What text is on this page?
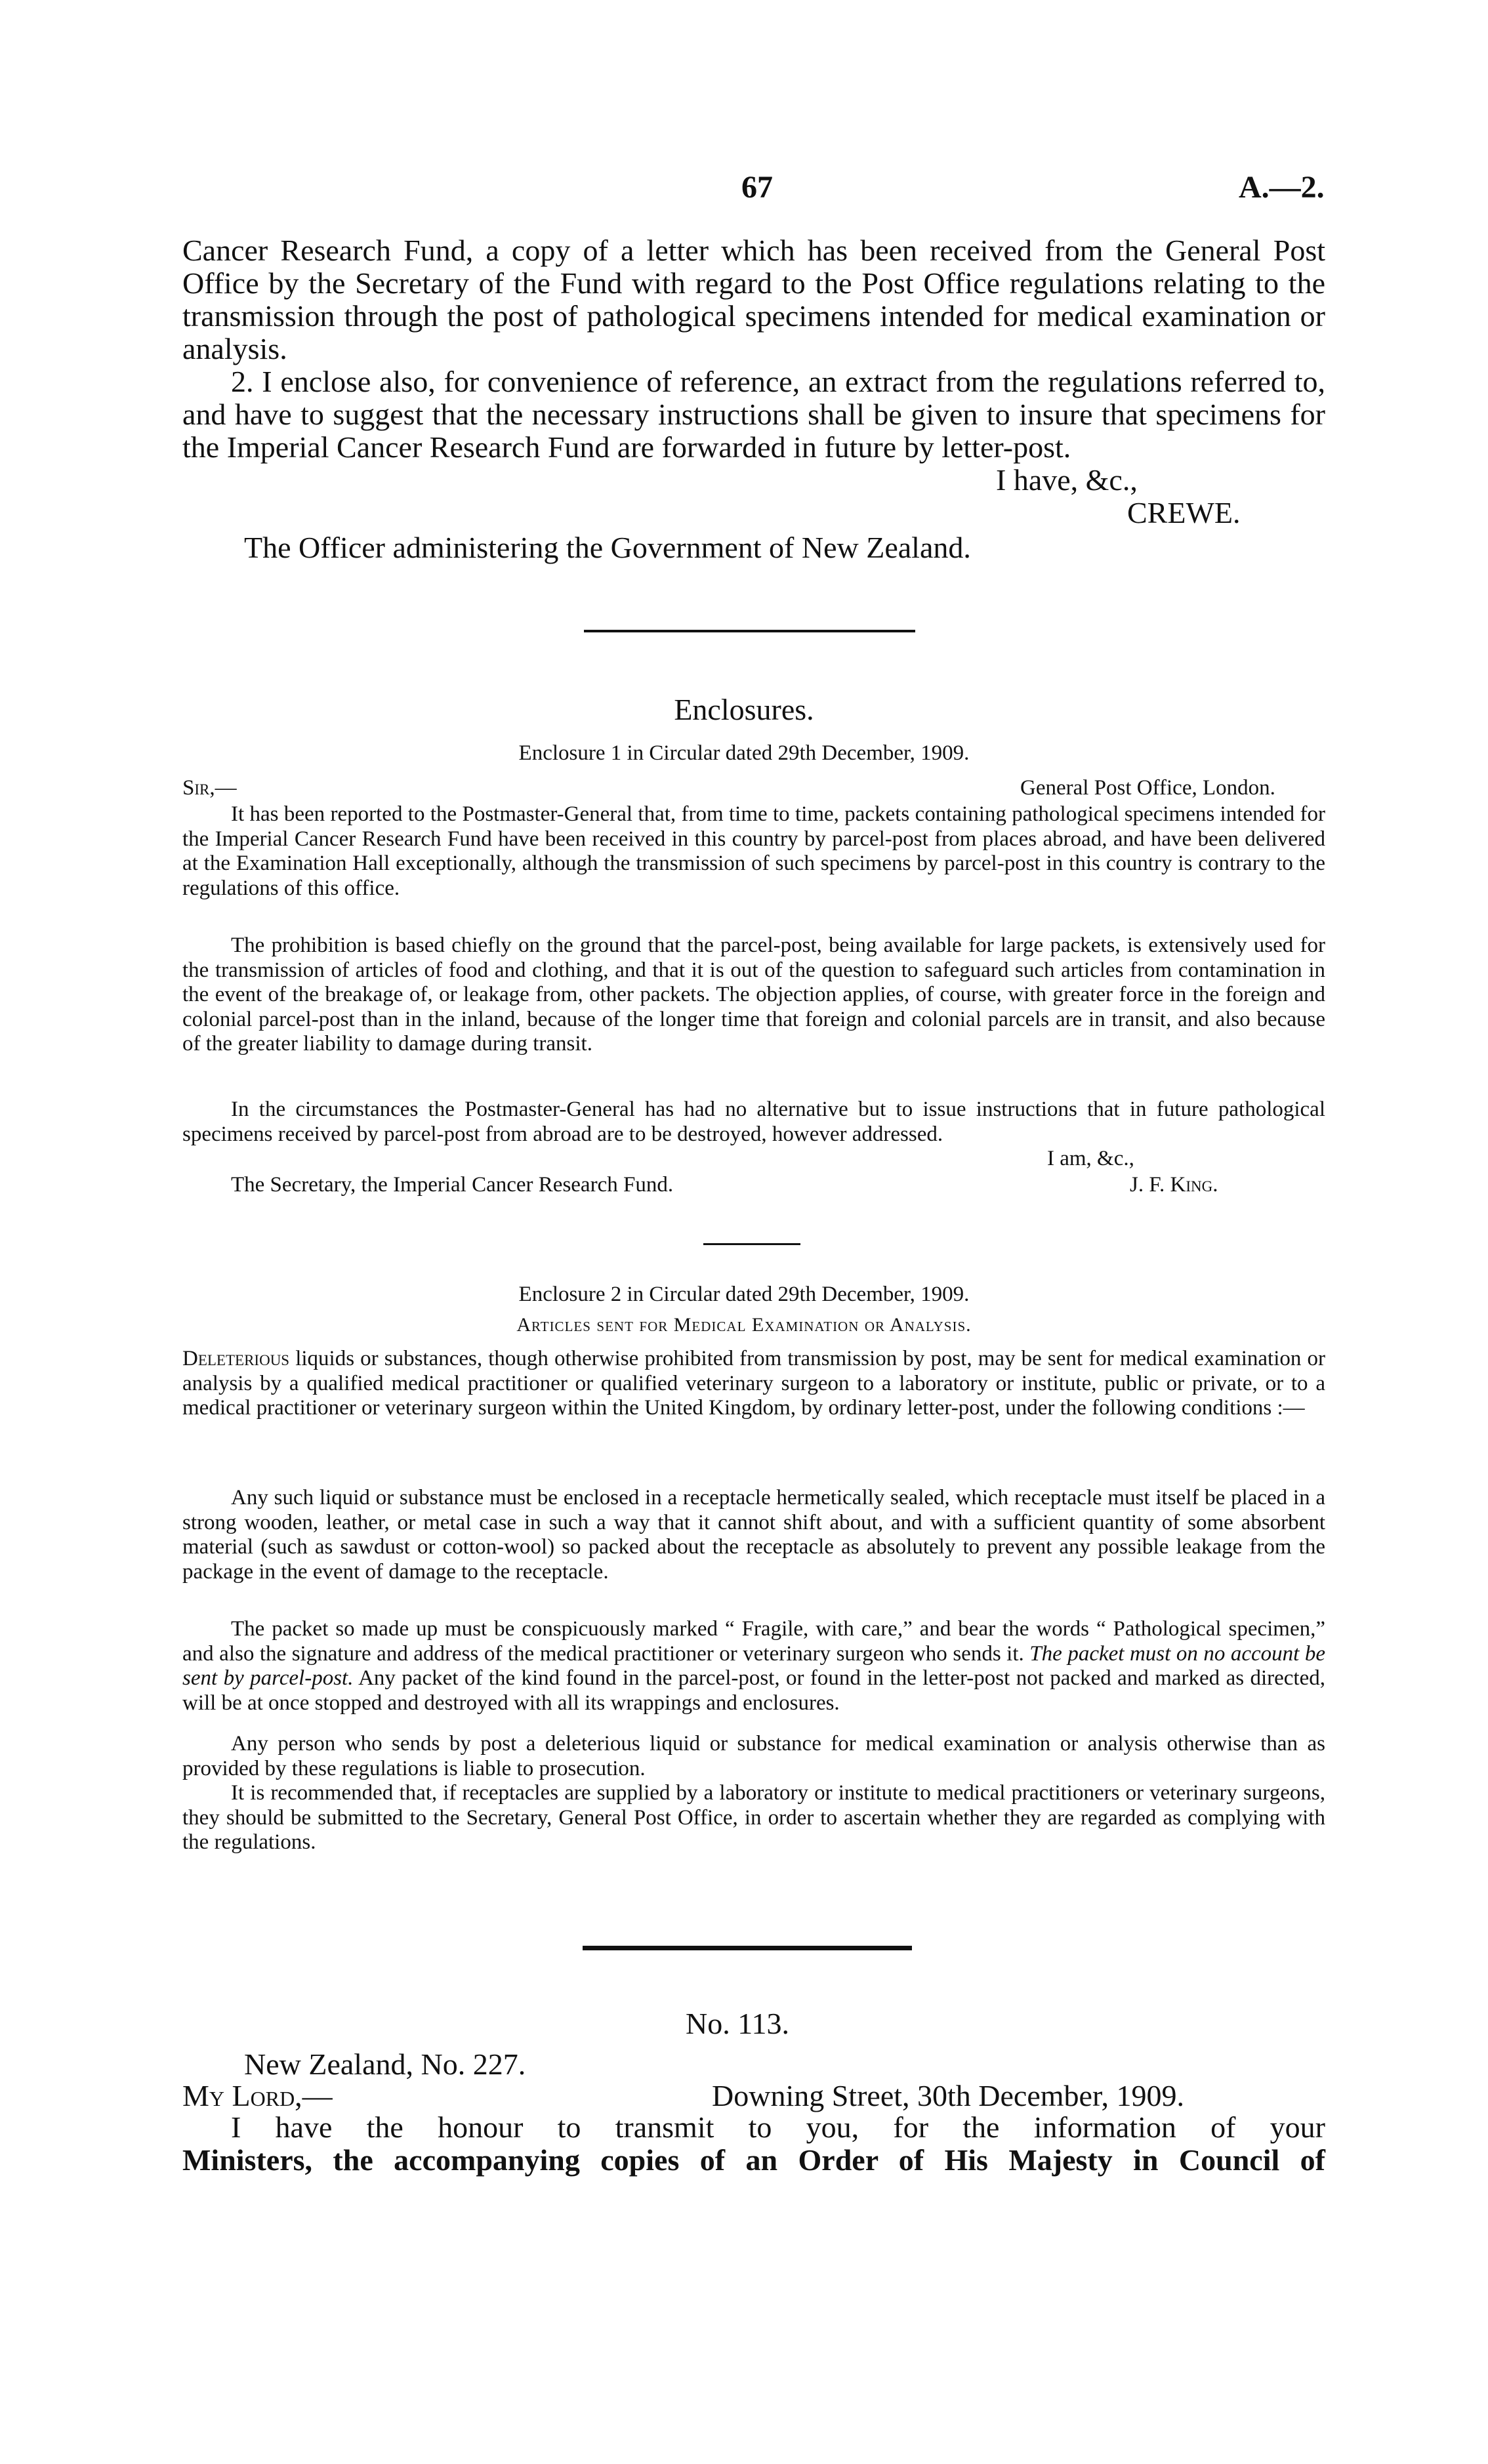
67	A.—2.
Cancer Research Fund, a copy of a letter which has been received from the General Post Office by the Secretary of the Fund with regard to the Post Office regulations relating to the transmission through the post of pathological specimens intended for medical examination or analysis.
2. I enclose also, for convenience of reference, an extract from the regulations referred to, and have to suggest that the necessary instructions shall be given to insure that specimens for the Imperial Cancer Research Fund are forwarded in future by letter-post.
I have, &c.,
CREWE.
The Officer administering the Government of New Zealand.
Enclosures.
Enclosure 1 in Circular dated 29th December, 1909.
Sir,—	General Post Office, London.
It has been reported to the Postmaster-General that, from time to time, packets containing pathological specimens intended for the Imperial Cancer Research Fund have been received in this country by parcel-post from places abroad, and have been delivered at the Examination Hall exceptionally, although the transmission of such specimens by parcel-post in this country is contrary to the regulations of this office.
The prohibition is based chiefly on the ground that the parcel-post, being available for large packets, is extensively used for the transmission of articles of food and clothing, and that it is out of the question to safeguard such articles from contamination in the event of the breakage of, or leakage from, other packets. The objection applies, of course, with greater force in the foreign and colonial parcel-post than in the inland, because of the longer time that foreign and colonial parcels are in transit, and also because of the greater liability to damage during transit.
In the circumstances the Postmaster-General has had no alternative but to issue instructions that in future pathological specimens received by parcel-post from abroad are to be destroyed, however addressed.
I am, &c.,
The Secretary, the Imperial Cancer Research Fund.	J. F. King.
Enclosure 2 in Circular dated 29th December, 1909.
Articles sent for Medical Examination or Analysis.
Deleterious liquids or substances, though otherwise prohibited from transmission by post, may be sent for medical examination or analysis by a qualified medical practitioner or qualified veterinary surgeon to a laboratory or institute, public or private, or to a medical practitioner or veterinary surgeon within the United Kingdom, by ordinary letter-post, under the following conditions :—
Any such liquid or substance must be enclosed in a receptacle hermetically sealed, which receptacle must itself be placed in a strong wooden, leather, or metal case in such a way that it cannot shift about, and with a sufficient quantity of some absorbent material (such as sawdust or cotton-wool) so packed about the receptacle as absolutely to prevent any possible leakage from the package in the event of damage to the receptacle.
The packet so made up must be conspicuously marked “ Fragile, with care,” and bear the words “ Pathological specimen,” and also the signature and address of the medical practitioner or veterinary surgeon who sends it. The packet must on no account be sent by parcel-post. Any packet of the kind found in the parcel-post, or found in the letter-post not packed and marked as directed, will be at once stopped and destroyed with all its wrappings and enclosures.
Any person who sends by post a deleterious liquid or substance for medical examination or analysis otherwise than as provided by these regulations is liable to prosecution.
It is recommended that, if receptacles are supplied by a laboratory or institute to medical practitioners or veterinary surgeons, they should be submitted to the Secretary, General Post Office, in order to ascertain whether they are regarded as complying with the regulations.
No. 113.
New Zealand, No. 227.
My Lord,—	Downing Street, 30th December, 1909.
I have the honour to transmit to you, for the information of your
Ministers, the accompanying copies of an Order of His Majesty in Council of
